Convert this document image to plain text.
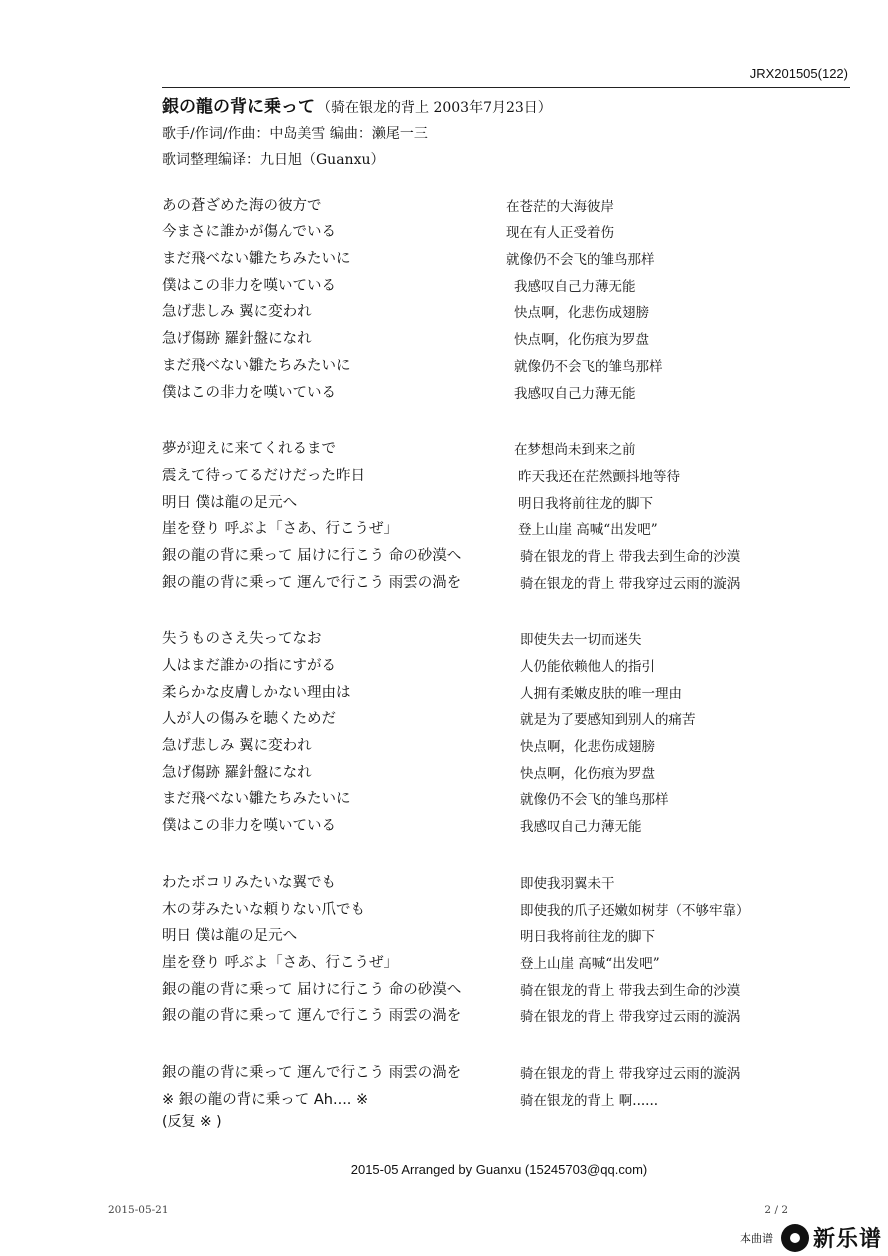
JRX201505(122)
銀の龍の背に乗って （骑在银龙的背上 2003年7月23日）
歌手/作词/作曲：中岛美雪 编曲：濑尾一三
歌词整理编译：九日旭（Guanxu）
あの蒼ざめた海の彼方で	在苍茫的大海彼岸
今まさに誰かが傷んでいる	现在有人正受着伤
まだ飛べない雛たちみたいに	就像仍不会飞的雏鸟那样
僕はこの非力を嘆いている	我感叹自己力薄无能
急げ悲しみ 翼に変われ	快点啊，化悲伤成翅膀
急げ傷跡 羅針盤になれ	快点啊，化伤痕为罗盘
まだ飛べない雛たちみたいに	就像仍不会飞的雏鸟那样
僕はこの非力を嘆いている	我感叹自己力薄无能
夢が迎えに来てくれるまで	在梦想尚未到来之前
震えて待ってるだけだった昨日	昨天我还在茫然颤抖地等待
明日 僕は龍の足元へ	明日我将前往龙的脚下
崖を登り 呼ぶよ「さあ、行こうぜ」	登上山崖 高喊“出发吧”
銀の龍の背に乗って 届けに行こう 命の砂漠へ	骑在银龙的背上 带我去到生命的沙漠
銀の龍の背に乗って 運んで行こう 雨雲の渦を	骑在银龙的背上 带我穿过云雨的漩涡
失うものさえ失ってなお	即使失去一切而迷失
人はまだ誰かの指にすがる	人仍能依赖他人的指引
柔らかな皮膚しかない理由は	人拥有柔嫩皮肤的唯一理由
人が人の傷みを聴くためだ	就是为了要感知到别人的痛苦
急げ悲しみ 翼に変われ	快点啊，化悲伤成翅膀
急げ傷跡 羅針盤になれ	快点啊，化伤痕为罗盘
まだ飛べない雛たちみたいに	就像仍不会飞的雏鸟那样
僕はこの非力を嘆いている	我感叹自己力薄无能
わたボコリみたいな翼でも	即使我羽翼未干
木の芽みたいな頼りない爪でも	即使我的爪子还嫩如树芽（不够牢靠）
明日 僕は龍の足元へ	明日我将前往龙的脚下
崖を登り 呼ぶよ「さあ、行こうぜ」	登上山崖 高喊“出发吧”
銀の龍の背に乗って 届けに行こう 命の砂漠へ	骑在银龙的背上 带我去到生命的沙漠
銀の龍の背に乗って 運んで行こう 雨雲の渦を	骑在银龙的背上 带我穿过云雨的漩涡
銀の龍の背に乗って 運んで行こう 雨雲の渦を	骑在银龙的背上 带我穿过云雨的漩涡
※ 銀の龍の背に乗って Ah.... ※	骑在银龙的背上 啊......
(反复 ※ )
2015-05 Arranged by Guanxu (15245703@qq.com)
2015-05-21	2 / 2
本曲谱 新乐谱
